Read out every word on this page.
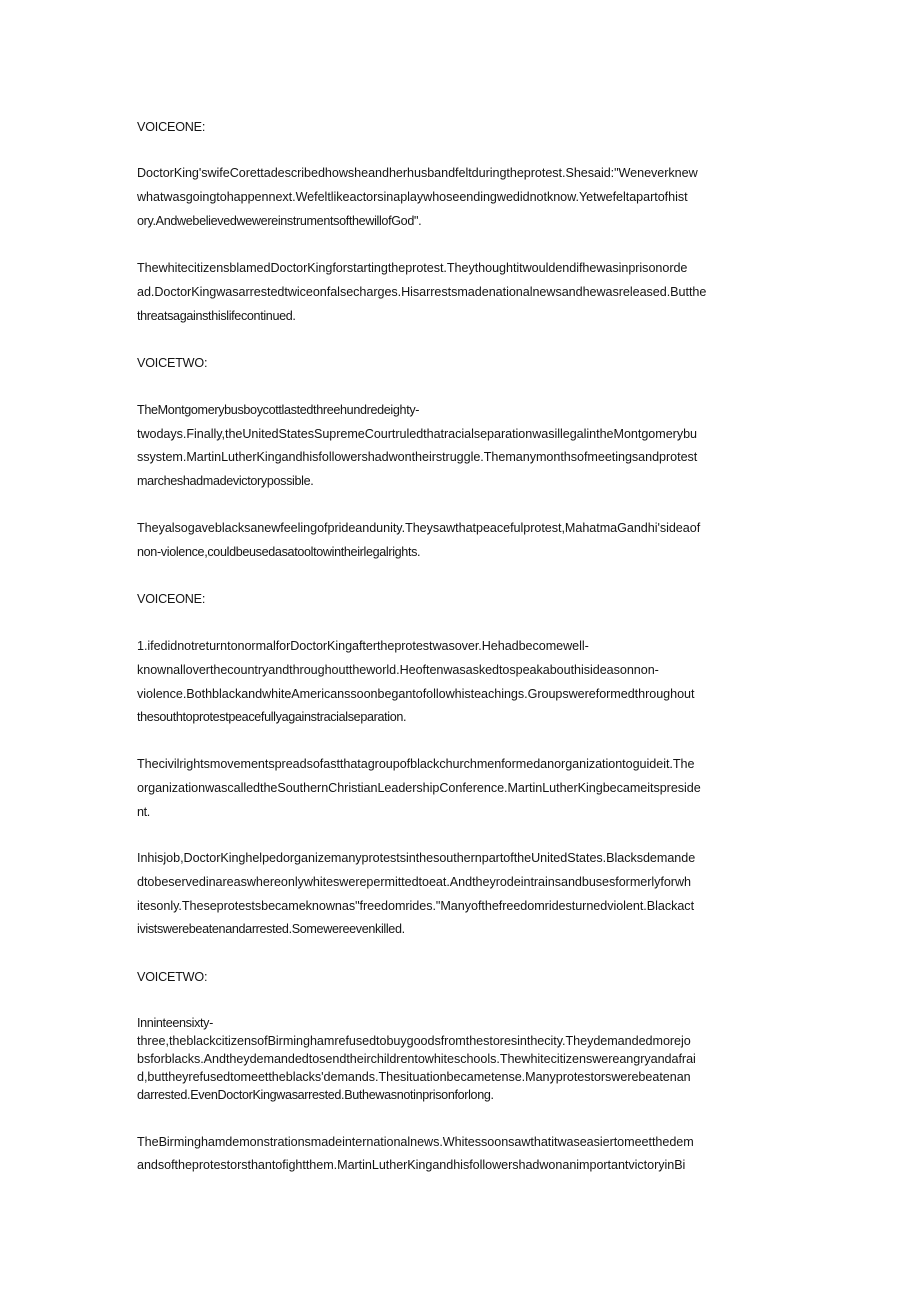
VOICEONE:
DoctorKing'swifeCorettadescribedhowsheandherhusbandfeltduringtheprotest.Shesaid:"Weneverknew
whatwasgoingtohappennext.Wefeltlikeactorsinaplaywhoseendingwedidnotknow.Yetwefeltapartofhist
ory.AndwebelievedwewereinstrumentsofthewillofGod".
ThewhitecitizensblamedDoctorKingforstartingtheprotest.Theythoughtitwouldendifhewasinprisonorde
ad.DoctorKingwasarrestedtwiceonfalsecharges.Hisarrestsmadenationalnewsandhewasreleased.Butthe
threatsagainsthislifecontinued.
VOICETWO:
TheMontgomerybusboycottlastedthreehundredeighty-
twodays.Finally,theUnitedStatesSupremeCourtruledthatracialseparationwasillegalintheMontgomerybu
ssystem.MartinLutherKingandhisfollowershadwontheirstruggle.Themanymonthsofmeetingsandprotest
marcheshadmadevictorypossible.
Theyalsogaveblacksanewfeelingofprideandunity.Theysawthatpeacefulprotest,MahatmaGandhi'sideaof
non-violence,couldbeusedasatooltowintheirlegalrights.
VOICEONE:
1.ifedidnotreturntonormalforDoctorKingaftertheprotestwasover.Hehadbecomewell-
knownalloverthecountryandthroughouttheworld.Heoftenwasaskedtospeakabouthisideasonnon-
violence.BothblackandwhiteAmericanssoonbegantofollowhisteachings.Groupswereformedthroughout
thesouthtoprotestpeacefullyagainstracialseparation.
Thecivilrightsmovementspreadsofastthatagroupofblackchurchmenformedanorganizationtoguideit.The
organizationwascalledtheSouthernChristianLeadershipConference.MartinLutherKingbecameitspreside
nt.
Inhisjob,DoctorKinghelpedorganizemanyprotestsinthesouthernpartoftheUnitedStates.Blacksdemande
dtobeservedinareaswhereonlywhiteswerepermittedtoeat.Andtheyrodeintrainsandbusesformerlyforwh
itesonly.Theseprotestsbecameknownas"freedomrides."Manyofthefreedomridesturnedviolent.Blackact
ivistswerebeatenandarrested.Somewereevenkilled.
VOICETWO:
Inninteensixty-
three,theblackcitizensofBirminghamrefusedtobuygoodsfromthestoresinthecity.Theydemandedmorejo
bsforblacks.Andtheydemandedtosendtheirchildrentowhiteschools.Thewhitecitizenswereangryandafrai
d,buttheyrefusedtomeettheblacks'demands.Thesituationbecametense.Manyprotestorswerebeatenan
darrested.EvenDoctorKingwasarrested.Buthewasnotinprisonforlong.
TheBirminghamdemonstrationsmadeinternationalnews.Whitessoonsawthatitwaseasiertomeetthedem
andsoftheprotestorsthantofightthem.MartinLutherKingandhisfollowershadwonanimportantvictoryinBi
